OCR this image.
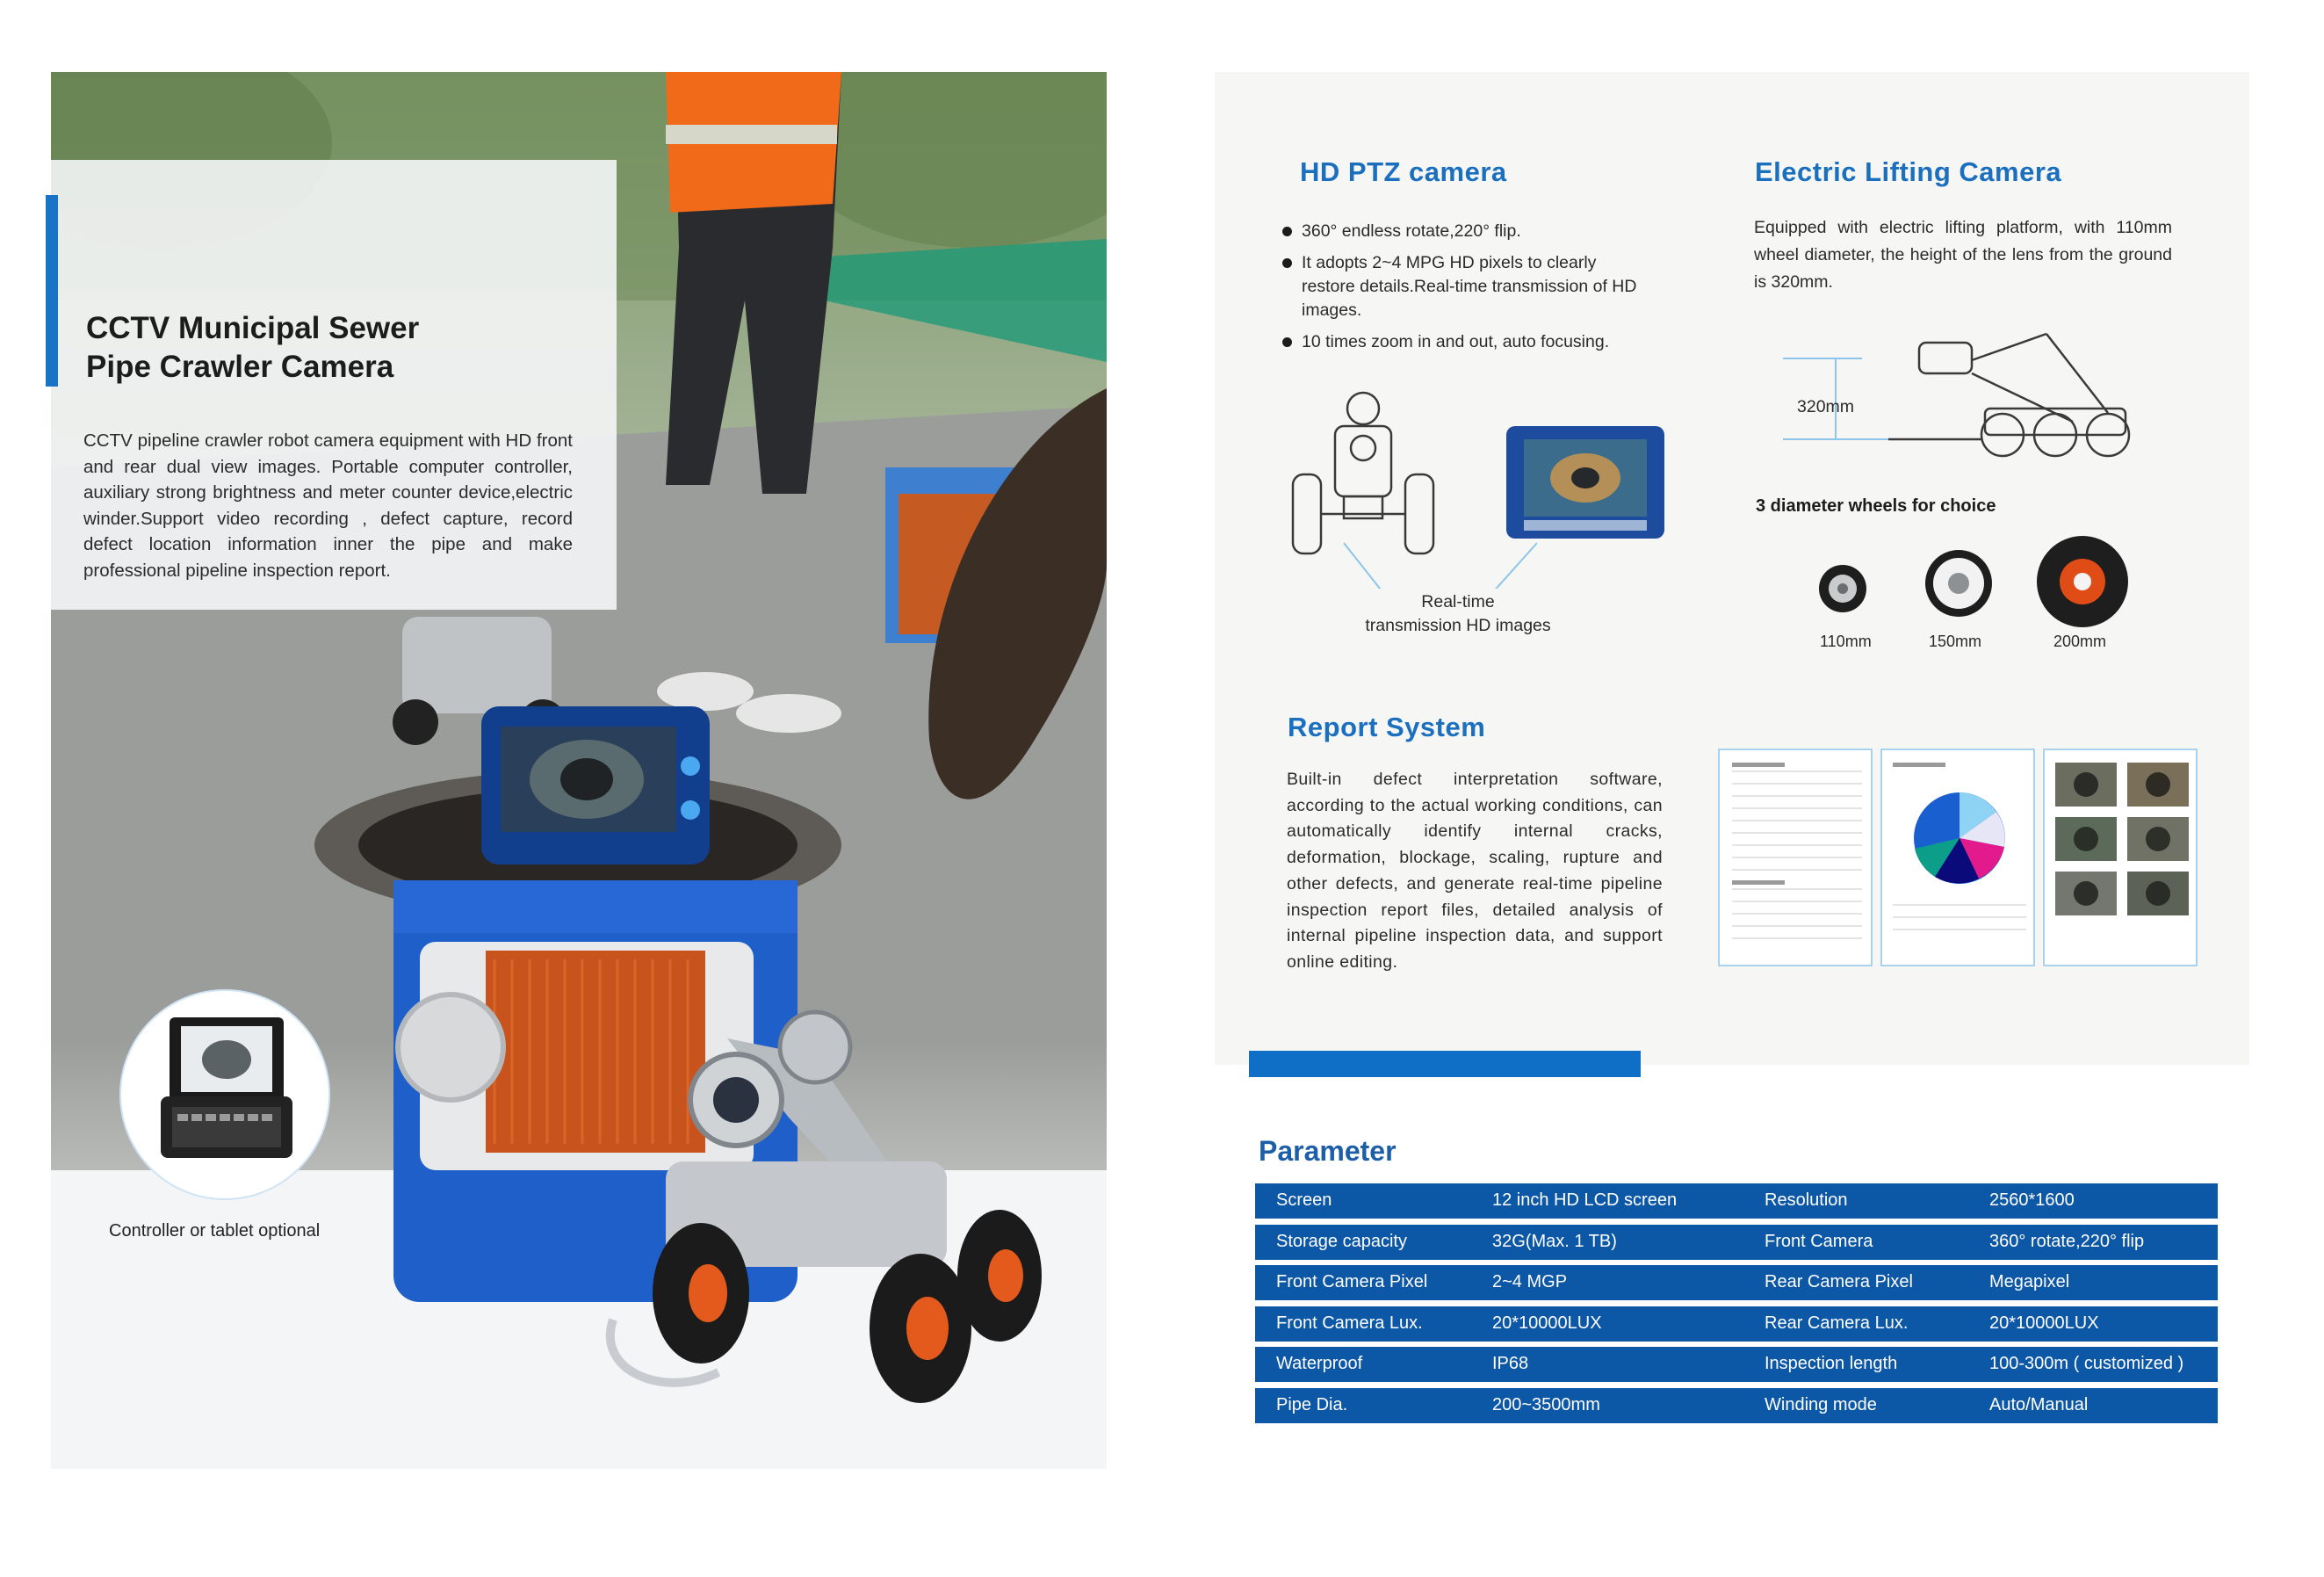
CCTV Municipal Sewer
Pipe Crawler Camera

CCTV pipeline crawler robot camera equipment with HD front and rear dual view images. Portable computer controller, auxiliary strong brightness and meter counter device,electric winder.Support video recording , defect capture, record defect location information inner the pipe and make professional pipeline inspection report.

Controller or tablet optional
HD PTZ camera
360° endless rotate,220° flip.
It adopts 2~4 MPG HD pixels to clearly restore details.Real-time transmission of HD images.
10 times zoom in and out, auto focusing.
Real-time
transmission HD images
Electric Lifting Camera

Equipped with electric lifting platform, with 110mm wheel diameter, the height of the lens from the ground is 320mm.

320mm
3 diameter wheels for choice
110mm	150mm	200mm
Report System

Built-in defect interpretation software, according to the actual working conditions, can automatically identify internal cracks, deformation, blockage, scaling, rupture and other defects, and generate real-time pipeline inspection report files, detailed analysis of internal pipeline inspection data, and support online editing.

Parameter
Screen	12 inch HD LCD screen	Resolution	2560*1600
Storage capacity	32G(Max. 1 TB)	Front Camera	360° rotate,220° flip
Front Camera Pixel	2~4 MGP	Rear Camera Pixel	Megapixel
Front Camera Lux.	20*10000LUX	Rear Camera Lux.	20*10000LUX
Waterproof	IP68	Inspection length	100-300m ( customized )
Pipe Dia.	200~3500mm	Winding mode	Auto/Manual
